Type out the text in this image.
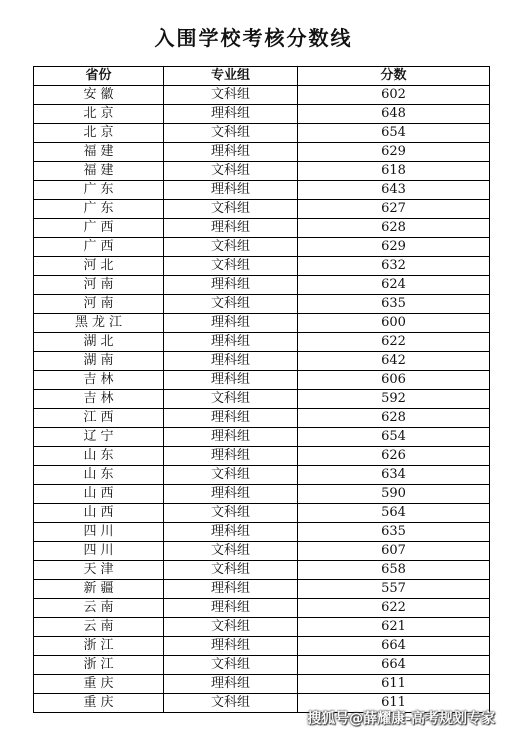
入围学校考核分数线
省份	专业组	分数
安徽	文科组	602
北京	理科组	648
北京	文科组	654
福建	理科组	629
福建	文科组	618
广东	理科组	643
广东	文科组	627
广西	理科组	628
广西	文科组	629
河北	文科组	632
河南	理科组	624
河南	文科组	635
黑龙江	理科组	600
湖北	理科组	622
湖南	理科组	642
吉林	理科组	606
吉林	文科组	592
江西	理科组	628
辽宁	理科组	654
山东	理科组	626
山东	文科组	634
山西	理科组	590
山西	文科组	564
四川	理科组	635
四川	文科组	607
天津	文科组	658
新疆	理科组	557
云南	理科组	622
云南	文科组	621
浙江	理科组	664
浙江	文科组	664
重庆	理科组	611
重庆	文科组	611
搜狐号@薛耀康-高考规划专家
